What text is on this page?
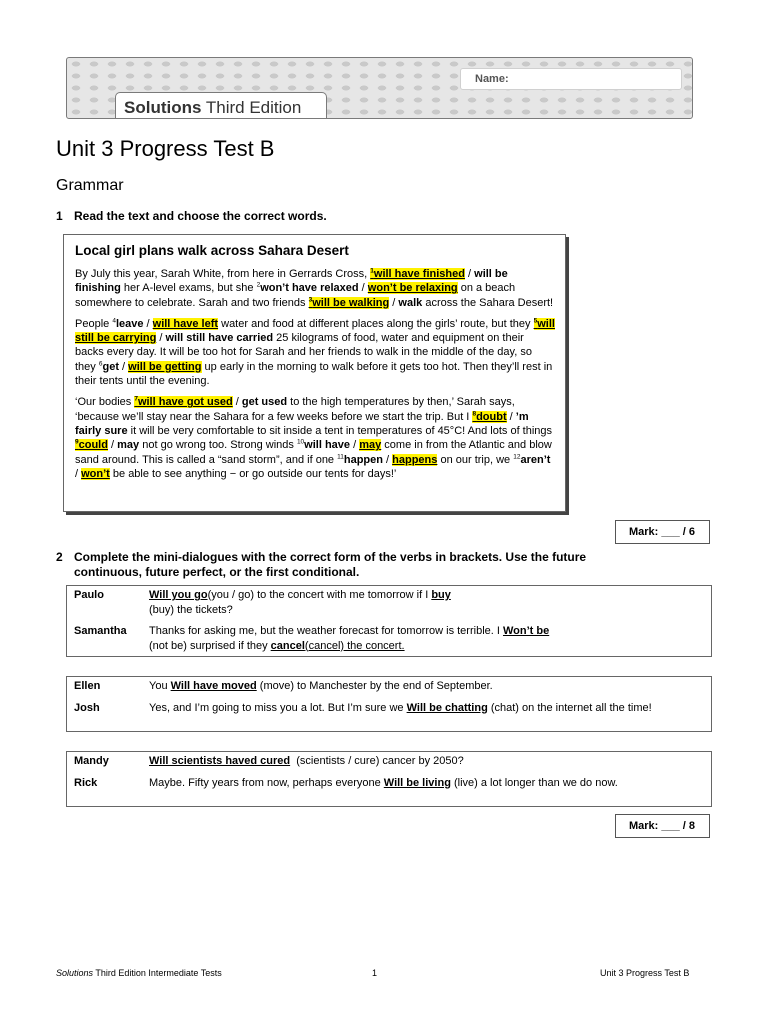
Name:
Solutions Third Edition
Unit 3 Progress Test B
Grammar
1 Read the text and choose the correct words.
Local girl plans walk across Sahara Desert

By July this year, Sarah White, from here in Gerrards Cross, $^1$will have finished / will be finishing her A-level exams, but she $^2$won’t have relaxed / won’t be relaxing on a beach somewhere to celebrate. Sarah and two friends $^3$will be walking / walk across the Sahara Desert!

People $^4$leave / will have left water and food at different places along the girls’ route, but they $^5$will still be carrying / will still have carried 25 kilograms of food, water and equipment on their backs every day. It will be too hot for Sarah and her friends to walk in the middle of the day, so they $^6$get / will be getting up early in the morning to walk before it gets too hot. Then they’ll rest in their tents until the evening.

‘Our bodies $^7$will have got used / get used to the high temperatures by then,’ Sarah says, ‘because we’ll stay near the Sahara for a few weeks before we start the trip. But I $^8$doubt / ’m fairly sure it will be very comfortable to sit inside a tent in temperatures of 45°C! And lots of things $^9$could / may not go wrong too. Strong winds $^{10}$will have / may come in from the Atlantic and blow sand around. This is called a “sand storm”, and if one $^{11}$happen / happens on our trip, we $^{12}$aren’t / won’t be able to see anything − or go outside our tents for days!’

Mark: ___ / 6
2 Complete the mini-dialogues with the correct form of the verbs in brackets. Use the future continuous, future perfect, or the first conditional.
Paulo	Will you go(you / go) to the concert with me tomorrow if I buy
(buy) the tickets?
Samantha	Thanks for asking me, but the weather forecast for tomorrow is terrible. I Won’t be
(not be) surprised if they cancel(cancel) the concert.
Ellen	You Will have moved (move) to Manchester by the end of September.
Josh	Yes, and I’m going to miss you a lot. But I’m sure we Will be chatting (chat) on the internet all the time!
Mandy	Will scientists haved cured  (scientists / cure) cancer by 2050?
Rick	Maybe. Fifty years from now, perhaps everyone Will be living (live) a lot longer than we do now.
Mark: ___ / 8
Solutions Third Edition Intermediate Tests	1	Unit 3 Progress Test B
